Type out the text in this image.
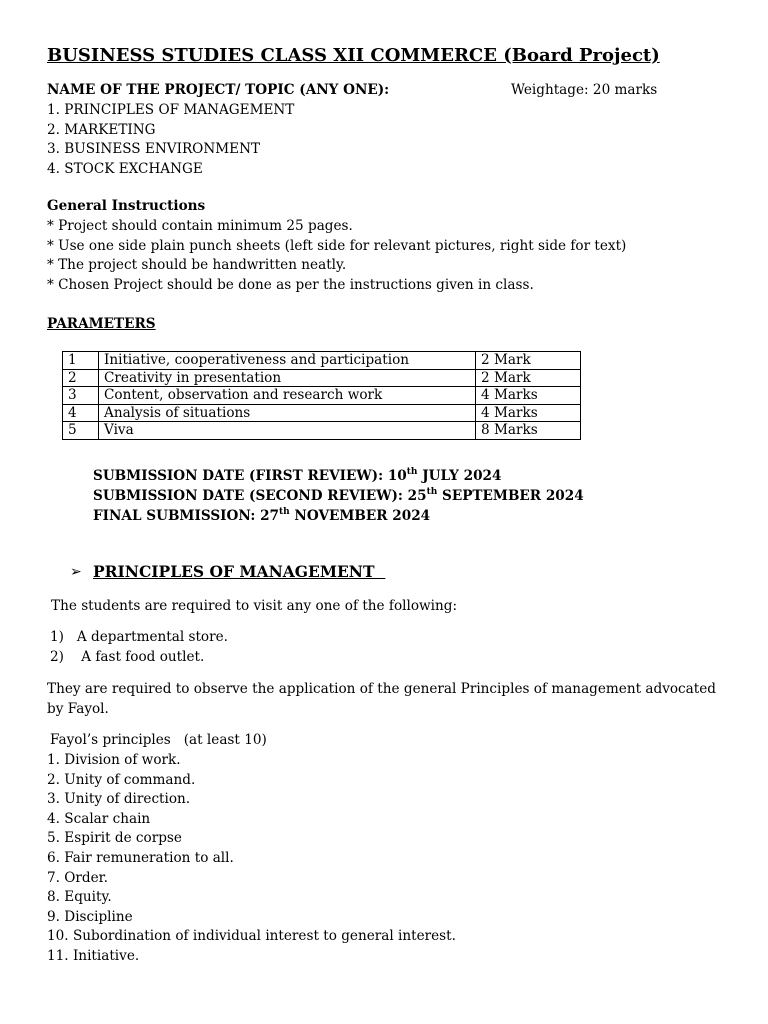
BUSINESS STUDIES CLASS XII COMMERCE (Board Project)
NAME OF THE PROJECT/ TOPIC (ANY ONE):	Weightage: 20 marks
1. PRINCIPLES OF MANAGEMENT
2. MARKETING
3. BUSINESS ENVIRONMENT
4. STOCK EXCHANGE
General Instructions
* Project should contain minimum 25 pages.
* Use one side plain punch sheets (left side for relevant pictures, right side for text)
* The project should be handwritten neatly.
* Chosen Project should be done as per the instructions given in class.
PARAMETERS
1	Initiative, cooperativeness and participation	2 Mark
2	Creativity in presentation	2 Mark
3	Content, observation and research work	4 Marks
4	Analysis of situations	4 Marks
5	Viva	8 Marks
SUBMISSION DATE (FIRST REVIEW): 10th JULY 2024
SUBMISSION DATE (SECOND REVIEW): 25th SEPTEMBER 2024
FINAL SUBMISSION: 27th NOVEMBER 2024
➢ PRINCIPLES OF MANAGEMENT
The students are required to visit any one of the following:
1)   A departmental store.
2)    A fast food outlet.
They are required to observe the application of the general Principles of management advocated by Fayol.
Fayol’s principles   (at least 10)
1. Division of work.
2. Unity of command.
3. Unity of direction.
4. Scalar chain
5. Espirit de corpse
6. Fair remuneration to all.
7. Order.
8. Equity.
9. Discipline
10. Subordination of individual interest to general interest.
11. Initiative.
